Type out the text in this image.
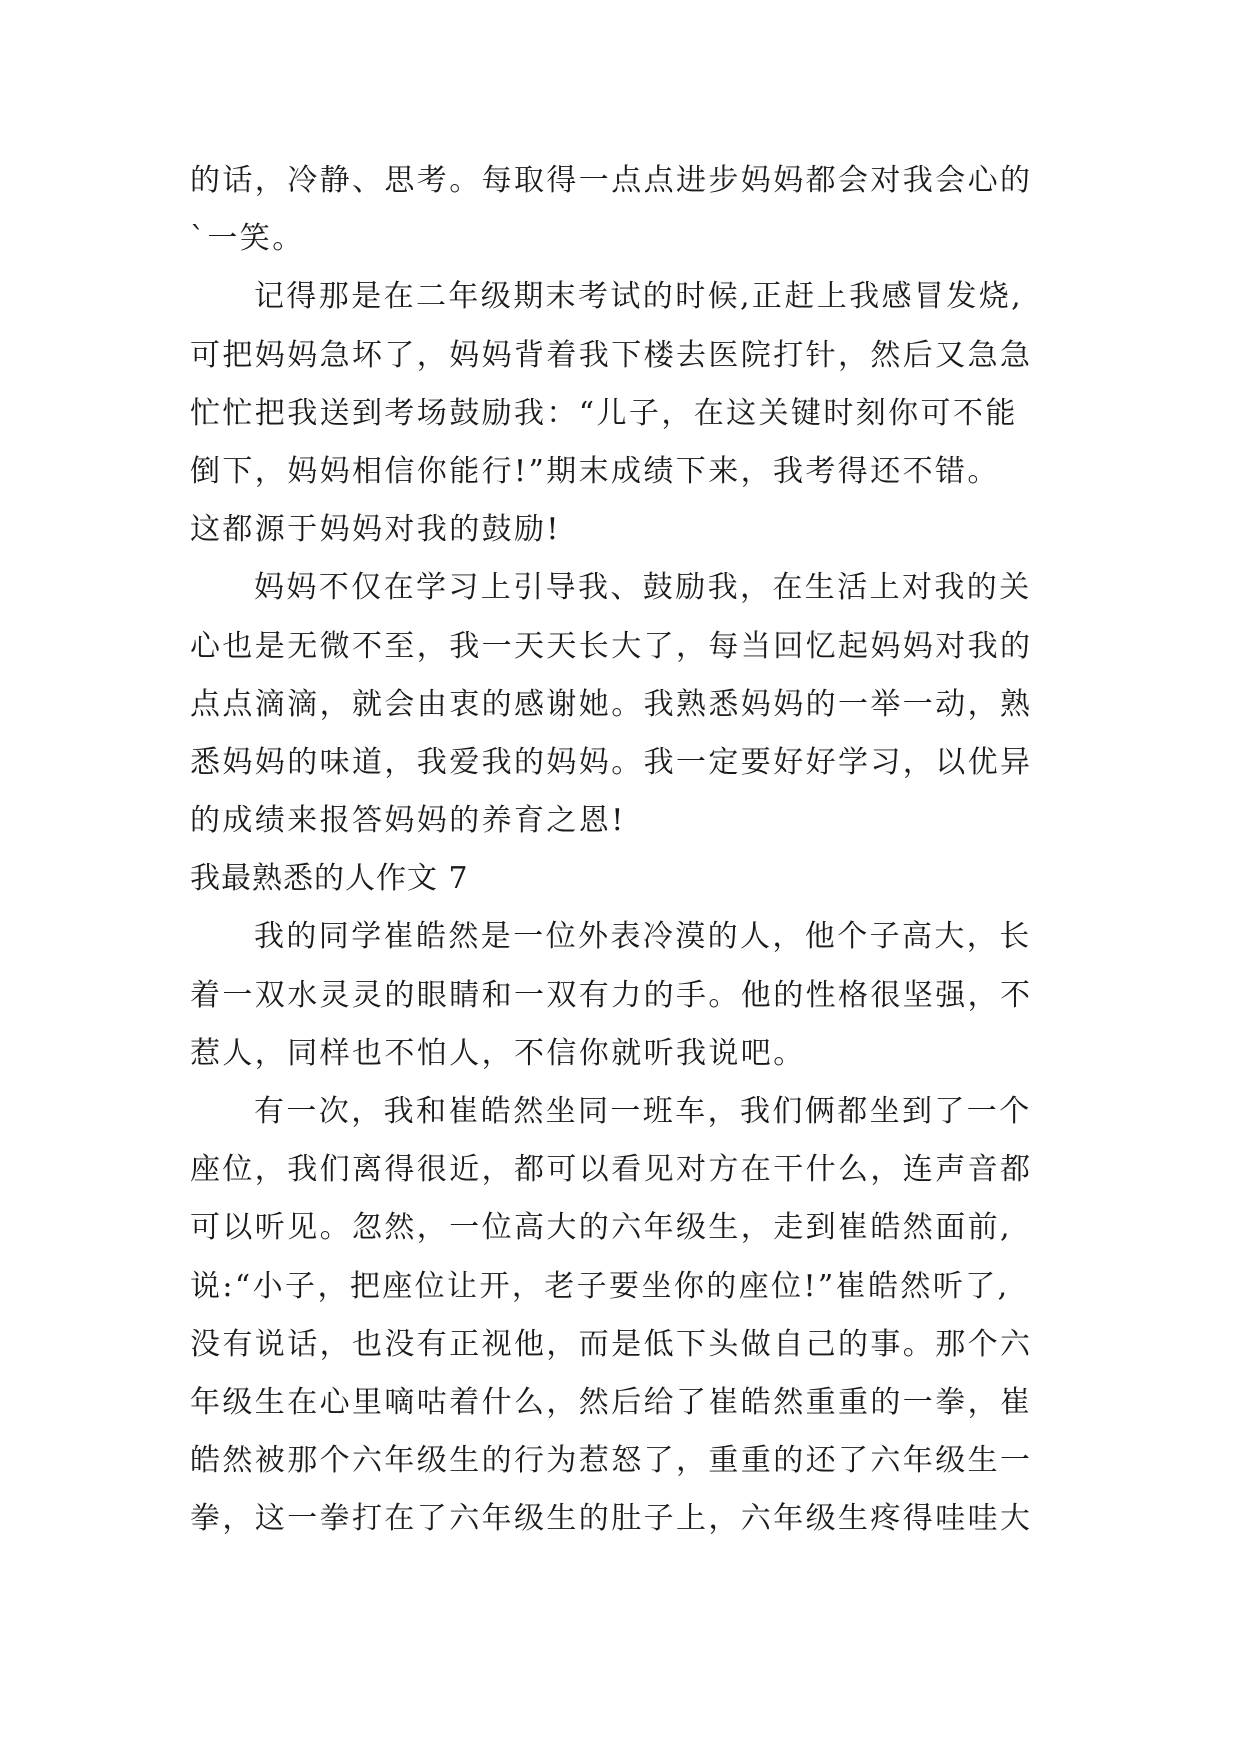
的话，冷静、思考。每取得一点点进步妈妈都会对我会心的
`一笑。
记得那是在二年级期末考试的时候,正赶上我感冒发烧,
可把妈妈急坏了，妈妈背着我下楼去医院打针，然后又急急
忙忙把我送到考场鼓励我：“儿子，在这关键时刻你可不能
倒下，妈妈相信你能行!”期末成绩下来，我考得还不错。
这都源于妈妈对我的鼓励!
妈妈不仅在学习上引导我、鼓励我，在生活上对我的关
心也是无微不至，我一天天长大了，每当回忆起妈妈对我的
点点滴滴，就会由衷的感谢她。我熟悉妈妈的一举一动，熟
悉妈妈的味道，我爱我的妈妈。我一定要好好学习，以优异
的成绩来报答妈妈的养育之恩!
我最熟悉的人作文 7
我的同学崔皓然是一位外表冷漠的人，他个子高大，长
着一双水灵灵的眼睛和一双有力的手。他的性格很坚强，不
惹人，同样也不怕人，不信你就听我说吧。
有一次，我和崔皓然坐同一班车，我们俩都坐到了一个
座位，我们离得很近，都可以看见对方在干什么，连声音都
可以听见。忽然，一位高大的六年级生，走到崔皓然面前,
说:“小子，把座位让开，老子要坐你的座位!”崔皓然听了,
没有说话，也没有正视他，而是低下头做自己的事。那个六
年级生在心里嘀咕着什么，然后给了崔皓然重重的一拳，崔
皓然被那个六年级生的行为惹怒了，重重的还了六年级生一
拳，这一拳打在了六年级生的肚子上，六年级生疼得哇哇大
